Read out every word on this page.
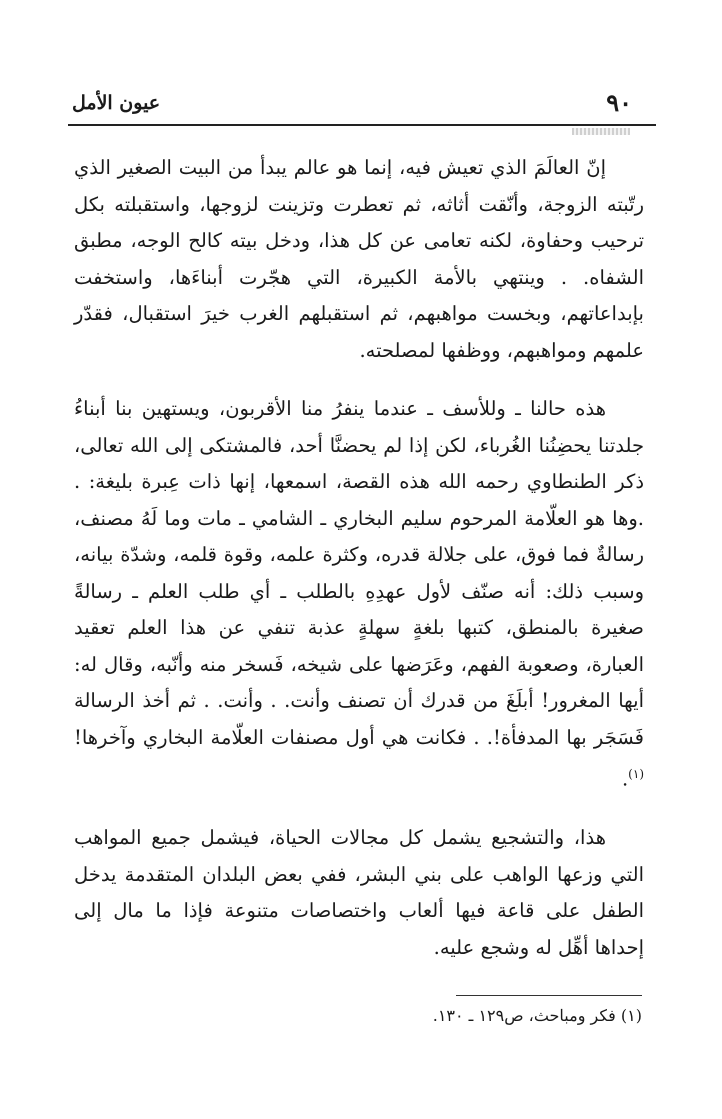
٩٠
عيون الأمل

إنّ العالَمَ الذي تعيش فيه، إنما هو عالم يبدأ من البيت الصغير الذي رتّبته الزوجة، وأنّقت أثاثه، ثم تعطرت وتزينت لزوجها، واستقبلته بكل ترحيب وحفاوة، لكنه تعامى عن كل هذا، ودخل بيته كالح الوجه، مطبق الشفاه. . وينتهي بالأمة الكبيرة، التي هجّرت أبناءَها، واستخفت بإبداعاتهم، وبخست مواهبهم، ثم استقبلهم الغرب خيرَ استقبال، فقدّر علمهم ومواهبهم، ووظفها لمصلحته.

هذه حالنا ـ وللأسف ـ عندما ينفرُ منا الأقربون، ويستهين بنا أبناءُ جلدتنا يحضِنُنا الغُرباء، لكن إذا لم يحضنَّا أحد، فالمشتكى إلى الله تعالى، ذكر الطنطاوي رحمه الله هذه القصة، اسمعها، إنها ذات عِبرة بليغة: . .وها هو العلّامة المرحوم سليم البخاري ـ الشامي ـ مات وما لَهُ مصنف، رسالةٌ فما فوق، على جلالة قدره، وكثرة علمه، وقوة قلمه، وشدّة بيانه، وسبب ذلك: أنه صنّف لأول عهدِهِ بالطلب ـ أي طلب العلم ـ رسالةً صغيرة بالمنطق، كتبها بلغةٍ سهلةٍ عذبة تنفي عن هذا العلم تعقيد العبارة، وصعوبة الفهم، وعَرَضها على شيخه، فَسخر منه وأنّبه، وقال له: أيها المغرور! أبلَغَ من قدرك أن تصنف وأنت. . وأنت. . ثم أخذ الرسالة فَسَجَر بها المدفأة!. . فكانت هي أول مصنفات العلّامة البخاري وآخرها!$^{(١)}$.

هذا، والتشجيع يشمل كل مجالات الحياة، فيشمل جميع المواهب التي وزعها الواهب على بني البشر، ففي بعض البلدان المتقدمة يدخل الطفل على قاعة فيها ألعاب واختصاصات متنوعة فإذا ما مال إلى إحداها أهِّل له وشجع عليه.

(١) فكر ومباحث، ص١٢٩ ـ ١٣٠.
